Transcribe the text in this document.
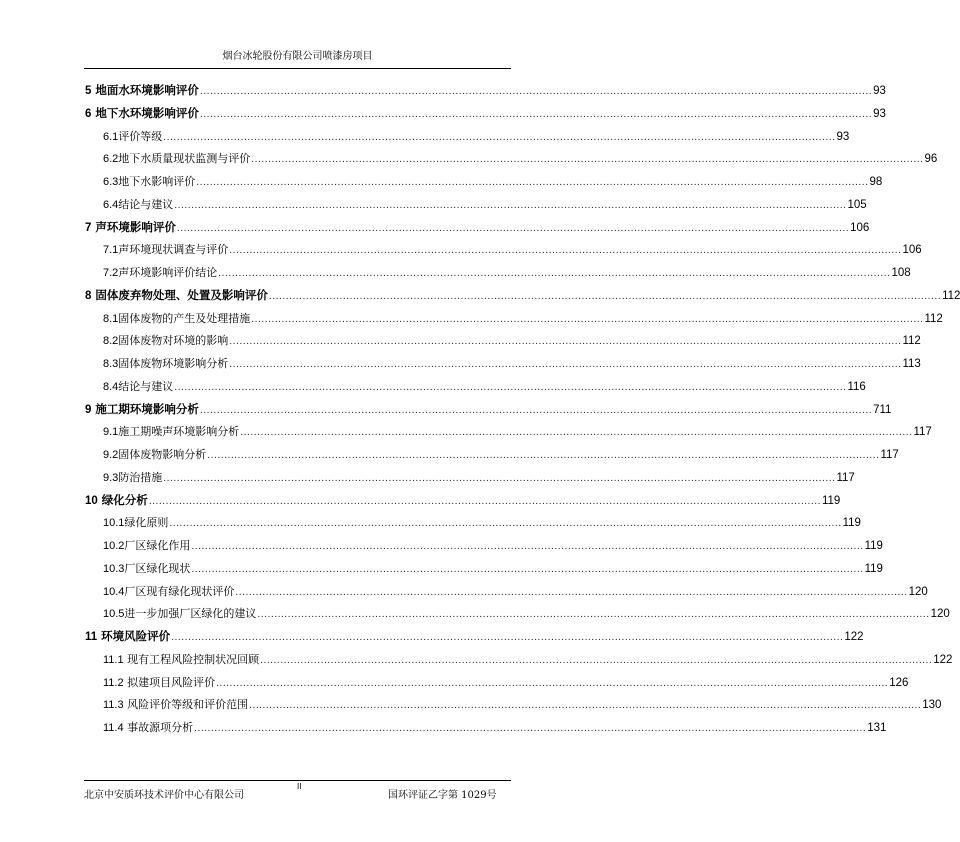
烟台冰轮股份有限公司喷漆房项目
5 地面水环境影响评价 ........................................................................................................................................................................................................ 93
6 地下水环境影响评价 ........................................................................................................................................................................................................ 93
6.1评价等级 ........................................................................................................................................................................................................ 93
6.2地下水质量现状监测与评价 ........................................................................................................................................................................................................ 96
6.3地下水影响评价 ........................................................................................................................................................................................................ 98
6.4结论与建议 ........................................................................................................................................................................................................ 105
7 声环境影响评价 ........................................................................................................................................................................................................ 106
7.1声环境现状调查与评价 ........................................................................................................................................................................................................ 106
7.2声环境影响评价结论 ........................................................................................................................................................................................................ 108
8 固体废弃物处理、处置及影响评价 ........................................................................................................................................................................................................ 112
8.1固体废物的产生及处理措施 ........................................................................................................................................................................................................ 112
8.2固体废物对环境的影响 ........................................................................................................................................................................................................ 112
8.3固体废物环境影响分析 ........................................................................................................................................................................................................ 113
8.4结论与建议 ........................................................................................................................................................................................................ 116
9 施工期环境影响分析 ........................................................................................................................................................................................................ 711
9.1施工期噪声环境影响分析 ........................................................................................................................................................................................................ 117
9.2固体废物影响分析 ........................................................................................................................................................................................................ 117
9.3防治措施 ........................................................................................................................................................................................................ 117
10 绿化分析 ........................................................................................................................................................................................................ 119
10.1绿化原则 ........................................................................................................................................................................................................ 119
10.2厂区绿化作用 ........................................................................................................................................................................................................ 119
10.3厂区绿化现状 ........................................................................................................................................................................................................ 119
10.4厂区现有绿化现状评价 ........................................................................................................................................................................................................ 120
10.5进一步加强厂区绿化的建议 ........................................................................................................................................................................................................ 120
11 环境风险评价 ........................................................................................................................................................................................................ 122
11.1 现有工程风险控制状况回顾 ........................................................................................................................................................................................................ 122
11.2 拟建项目风险评价 ........................................................................................................................................................................................................ 126
11.3 风险评价等级和评价范围 ........................................................................................................................................................................................................ 130
11.4 事故源项分析 ........................................................................................................................................................................................................ 131
北京中安质环技术评价中心有限公司
II
国环评证乙字第 1029号
